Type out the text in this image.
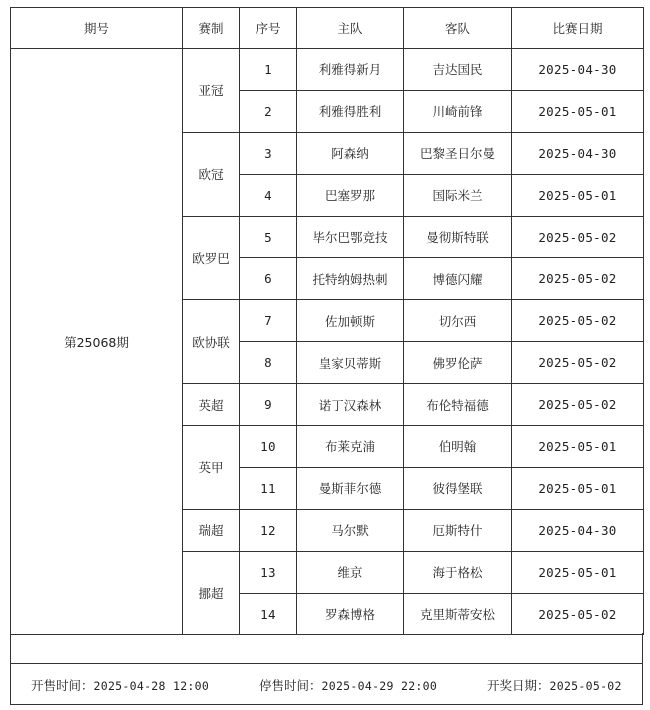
期号	赛制	序号	主队	客队	比赛日期
第25068期	亚冠	1	利雅得新月	吉达国民	2025-04-30
		2	利雅得胜利	川崎前锋	2025-05-01
	欧冠	3	阿森纳	巴黎圣日尔曼	2025-04-30
		4	巴塞罗那	国际米兰	2025-05-01
	欧罗巴	5	毕尔巴鄂竞技	曼彻斯特联	2025-05-02
		6	托特纳姆热刺	博德闪耀	2025-05-02
	欧协联	7	佐加顿斯	切尔西	2025-05-02
		8	皇家贝蒂斯	佛罗伦萨	2025-05-02
	英超	9	诺丁汉森林	布伦特福德	2025-05-02
	英甲	10	布莱克浦	伯明翰	2025-05-01
		11	曼斯菲尔德	彼得堡联	2025-05-01
	瑞超	12	马尔默	厄斯特什	2025-04-30
	挪超	13	维京	海于格松	2025-05-01
		14	罗森博格	克里斯蒂安松	2025-05-02
开售时间：2025-04-28 12:00	停售时间：2025-04-29 22:00	开奖日期：2025-05-02
